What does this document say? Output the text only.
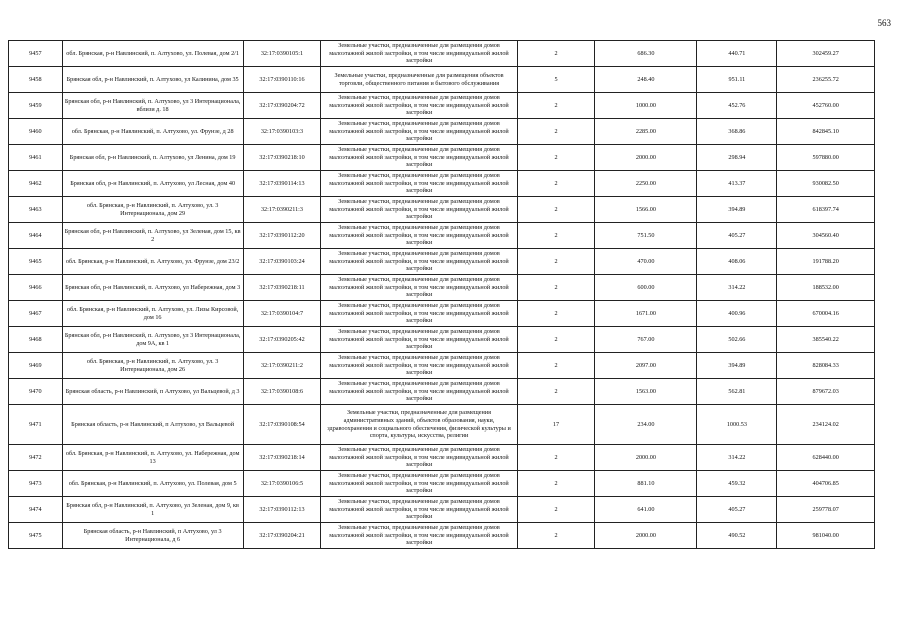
563
9457	обл. Брянская, р-н Навлинский, п. Алтухово, ул. Полевая, дом 2/1	32:17:0390105:1	Земельные участки, предназначенные для размещения домов малоэтажной жилой застройки, в том числе индивидуальной жилой застройки	2	686.30	440.71	302459.27
9458	Брянская обл, р-н Навлинский, п. Алтухово, ул Калинина, дом 35	32:17:0390110:16	Земельные участки, предназначенные для размещения объектов торговли, общественного питания и бытового обслуживания	5	248.40	951.11	236255.72
9459	Брянская обл, р-н Навлинский, п. Алтухово, ул 3 Интернационала, вблизи д. 18	32:17:0390204:72	Земельные участки, предназначенные для размещения домов малоэтажной жилой застройки, в том числе индивидуальной жилой застройки	2	1000.00	452.76	452760.00
9460	обл. Брянская, р-н Навлинский, п. Алтухово, ул. Фрунзе, д 28	32:17:0390103:3	Земельные участки, предназначенные для размещения домов малоэтажной жилой застройки, в том числе индивидуальной жилой застройки	2	2285.00	368.86	842845.10
9461	Брянская обл, р-н Навлинский, п. Алтухово, ул Ленина, дом 19	32:17:0390218:10	Земельные участки, предназначенные для размещения домов малоэтажной жилой застройки, в том числе индивидуальной жилой застройки	2	2000.00	298.94	597880.00
9462	Брянская обл, р-н Навлинский, п. Алтухово, ул Лесная, дом 40	32:17:0390114:13	Земельные участки, предназначенные для размещения домов малоэтажной жилой застройки, в том числе индивидуальной жилой застройки	2	2250.00	413.37	930082.50
9463	обл. Брянская, р-н Навлинский, п. Алтухово, ул. 3 Интернационала, дом 29	32:17:0390211:3	Земельные участки, предназначенные для размещения домов малоэтажной жилой застройки, в том числе индивидуальной жилой застройки	2	1566.00	394.89	618397.74
9464	Брянская обл, р-н Навлинский, п. Алтухово, ул Зеленая, дом 15, кв 2	32:17:0390112:20	Земельные участки, предназначенные для размещения домов малоэтажной жилой застройки, в том числе индивидуальной жилой застройки	2	751.50	405.27	304560.40
9465	обл. Брянская, р-н Навлинский, п. Алтухово, ул. Фрунзе, дом 23/2	32:17:0390103:24	Земельные участки, предназначенные для размещения домов малоэтажной жилой застройки, в том числе индивидуальной жилой застройки	2	470.00	408.06	191788.20
9466	Брянская обл, р-н Навлинский, п. Алтухово, ул Набережная, дом 3	32:17:0390218:11	Земельные участки, предназначенные для размещения домов малоэтажной жилой застройки, в том числе индивидуальной жилой застройки	2	600.00	314.22	188532.00
9467	обл. Брянская, р-н Навлинский, п. Алтухово, ул. Лизы Кирсовой, дом 16	32:17:0390104:7	Земельные участки, предназначенные для размещения домов малоэтажной жилой застройки, в том числе индивидуальной жилой застройки	2	1671.00	400.96	670004.16
9468	Брянская обл, р-н Навлинский, п. Алтухово, ул 3 Интернационала, дом 9А, кв 1	32:17:0390205:42	Земельные участки, предназначенные для размещения домов малоэтажной жилой застройки, в том числе индивидуальной жилой застройки	2	767.00	502.66	385540.22
9469	обл. Брянская, р-н Навлинский, п. Алтухово, ул. 3 Интернационала, дом 26	32:17:0390211:2	Земельные участки, предназначенные для размещения домов малоэтажной жилой застройки, в том числе индивидуальной жилой застройки	2	2097.00	394.89	828084.33
9470	Брянская область, р-н Навлинский, п Алтухово, ул Вальцевой, д 3	32:17:0390108:6	Земельные участки, предназначенные для размещения домов малоэтажной жилой застройки, в том числе индивидуальной жилой застройки	2	1563.00	562.81	879672.03
9471	Брянская область, р-н Навлинский, п Алтухово, ул Вальцевой	32:17:0390108:54	Земельные участки, предназначенные для размещения административных зданий, объектов образования, науки, здравоохранения и социального обеспечения, физической культуры и спорта, культуры, искусства, религии	17	234.00	1000.53	234124.02
9472	обл. Брянская, р-н Навлинский, п. Алтухово, ул. Набережная, дом 13	32:17:0390218:14	Земельные участки, предназначенные для размещения домов малоэтажной жилой застройки, в том числе индивидуальной жилой застройки	2	2000.00	314.22	628440.00
9473	обл. Брянская, р-н Навлинский, п. Алтухово, ул. Полевая, дом 5	32:17:0390106:5	Земельные участки, предназначенные для размещения домов малоэтажной жилой застройки, в том числе индивидуальной жилой застройки	2	881.10	459.32	404706.85
9474	Брянская обл, р-н Навлинский, п. Алтухово, ул Зеленая, дом 9, кв 1	32:17:0390112:13	Земельные участки, предназначенные для размещения домов малоэтажной жилой застройки, в том числе индивидуальной жилой застройки	2	641.00	405.27	259778.07
9475	Брянская область, р-н Навлинский, п Алтухово, ул 3 Интернационала, д 6	32:17:0390204:21	Земельные участки, предназначенные для размещения домов малоэтажной жилой застройки, в том числе индивидуальной жилой застройки	2	2000.00	490.52	981040.00
